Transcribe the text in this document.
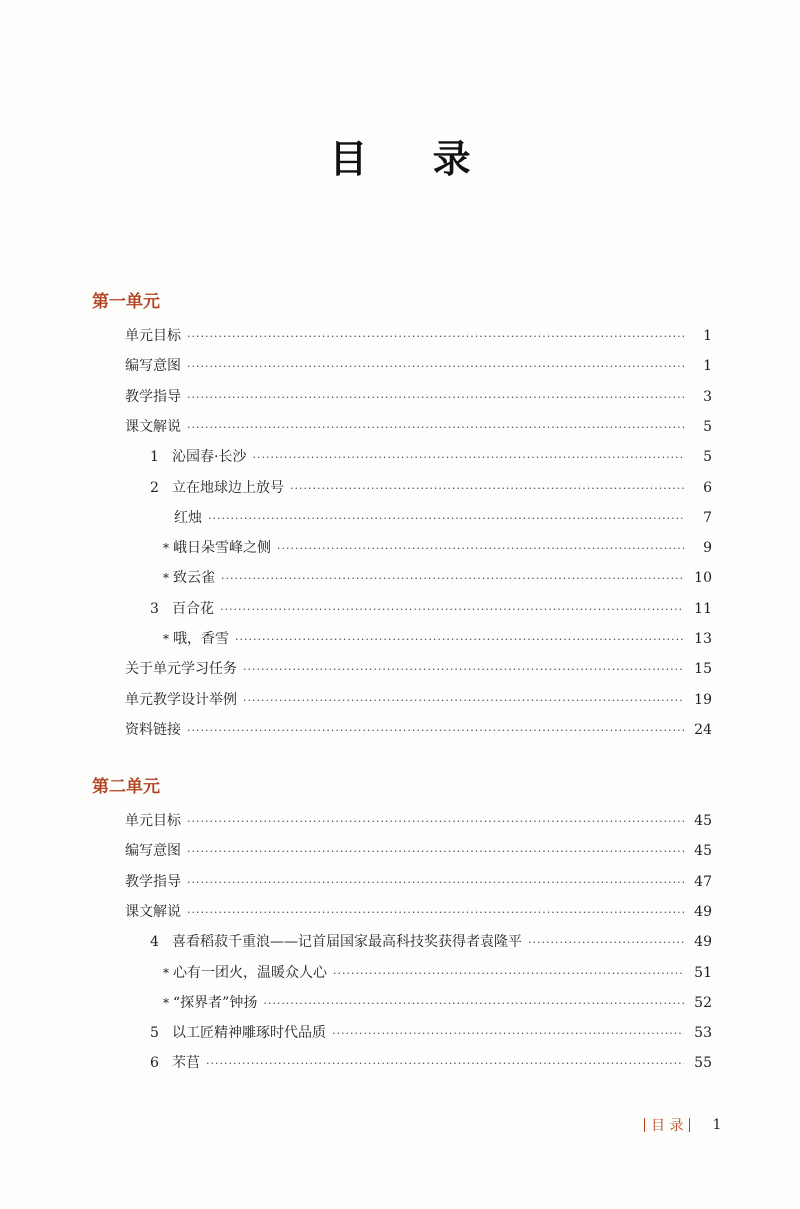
目 录
第一单元
单元目标 ·····	1
编写意图 ·····	1
教学指导 ·····	3
课文解说 ·····	5
1 沁园春·长沙 ·····	5
2 立在地球边上放号 ·····	6
红烛 ·····	7
* 峨日朵雪峰之侧 ·····	9
* 致云雀 ·····	10
3 百合花 ·····	11
* 哦，香雪 ·····	13
关于单元学习任务 ·····	15
单元教学设计举例 ·····	19
资料链接 ·····	24
第二单元
单元目标 ·····	45
编写意图 ·····	45
教学指导 ·····	47
课文解说 ·····	49
4 喜看稻菽千重浪——记首届国家最高科技奖获得者袁隆平 ·····	49
* 心有一团火，温暖众人心 ·····	51
* “探界者”钟扬 ·····	52
5 以工匠精神雕琢时代品质 ·····	53
6 芣苢 ·····	55
目 录 1
